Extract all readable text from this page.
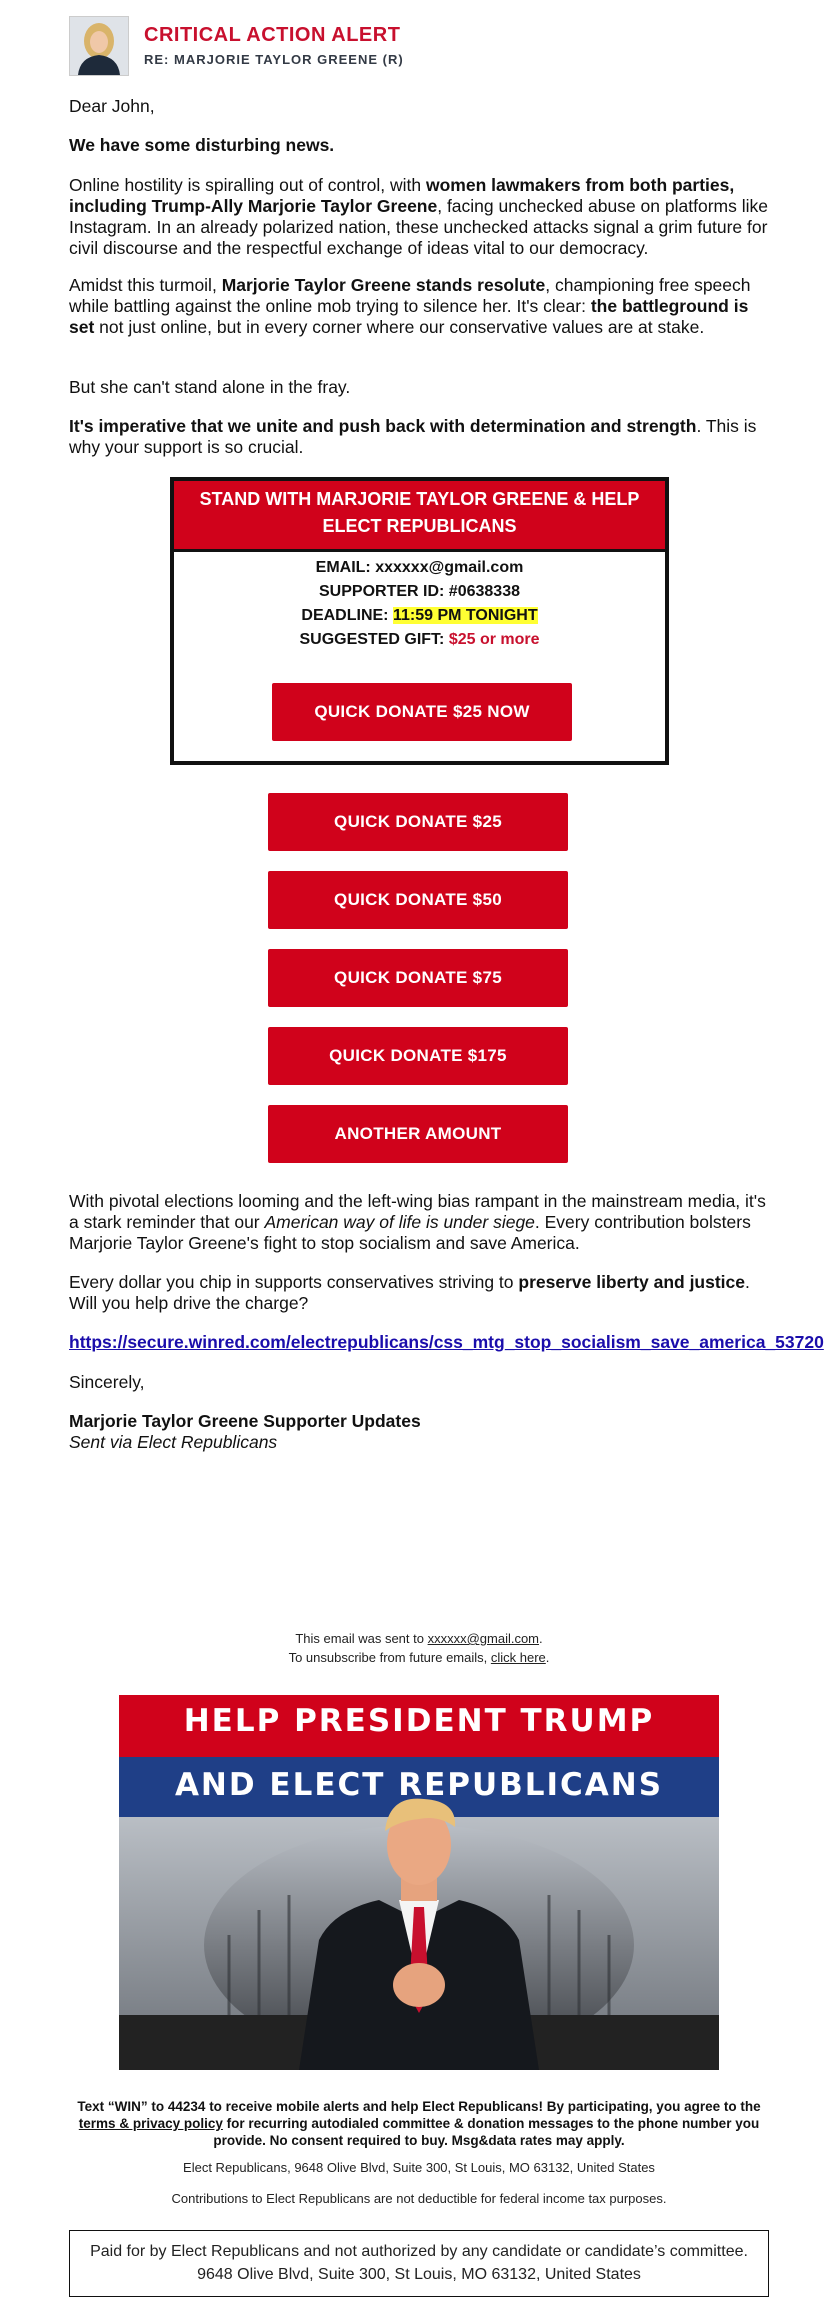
CRITICAL ACTION ALERT
RE: MARJORIE TAYLOR GREENE (R)
Dear John,
We have some disturbing news.
Online hostility is spiralling out of control, with women lawmakers from both parties, including Trump-Ally Marjorie Taylor Greene, facing unchecked abuse on platforms like Instagram. In an already polarized nation, these unchecked attacks signal a grim future for civil discourse and the respectful exchange of ideas vital to our democracy.
Amidst this turmoil, Marjorie Taylor Greene stands resolute, championing free speech while battling against the online mob trying to silence her. It's clear: the battleground is set not just online, but in every corner where our conservative values are at stake.
But she can't stand alone in the fray.
It's imperative that we unite and push back with determination and strength. This is why your support is so crucial.
STAND WITH MARJORIE TAYLOR GREENE & HELP ELECT REPUBLICANS
EMAIL: xxxxxx@gmail.com
SUPPORTER ID: #0638338
DEADLINE: 11:59 PM TONIGHT
SUGGESTED GIFT: $25 or more
QUICK DONATE $25 NOW
QUICK DONATE $25
QUICK DONATE $50
QUICK DONATE $75
QUICK DONATE $175
ANOTHER AMOUNT
With pivotal elections looming and the left-wing bias rampant in the mainstream media, it's a stark reminder that our American way of life is under siege. Every contribution bolsters Marjorie Taylor Greene's fight to stop socialism and save America.
Every dollar you chip in supports conservatives striving to preserve liberty and justice. Will you help drive the charge?
https://secure.winred.com/electrepublicans/css_mtg_stop_socialism_save_america_53720
Sincerely,
Marjorie Taylor Greene Supporter Updates
Sent via Elect Republicans
This email was sent to xxxxxx@gmail.com.
To unsubscribe from future emails, click here.
HELP PRESIDENT TRUMP
AND ELECT REPUBLICANS
Text “WIN” to 44234 to receive mobile alerts and help Elect Republicans! By participating, you agree to the terms & privacy policy for recurring autodialed committee & donation messages to the phone number you provide. No consent required to buy. Msg&data rates may apply.
Elect Republicans, 9648 Olive Blvd, Suite 300, St Louis, MO 63132, United States
Contributions to Elect Republicans are not deductible for federal income tax purposes.
Paid for by Elect Republicans and not authorized by any candidate or candidate’s committee.
9648 Olive Blvd, Suite 300, St Louis, MO 63132, United States
